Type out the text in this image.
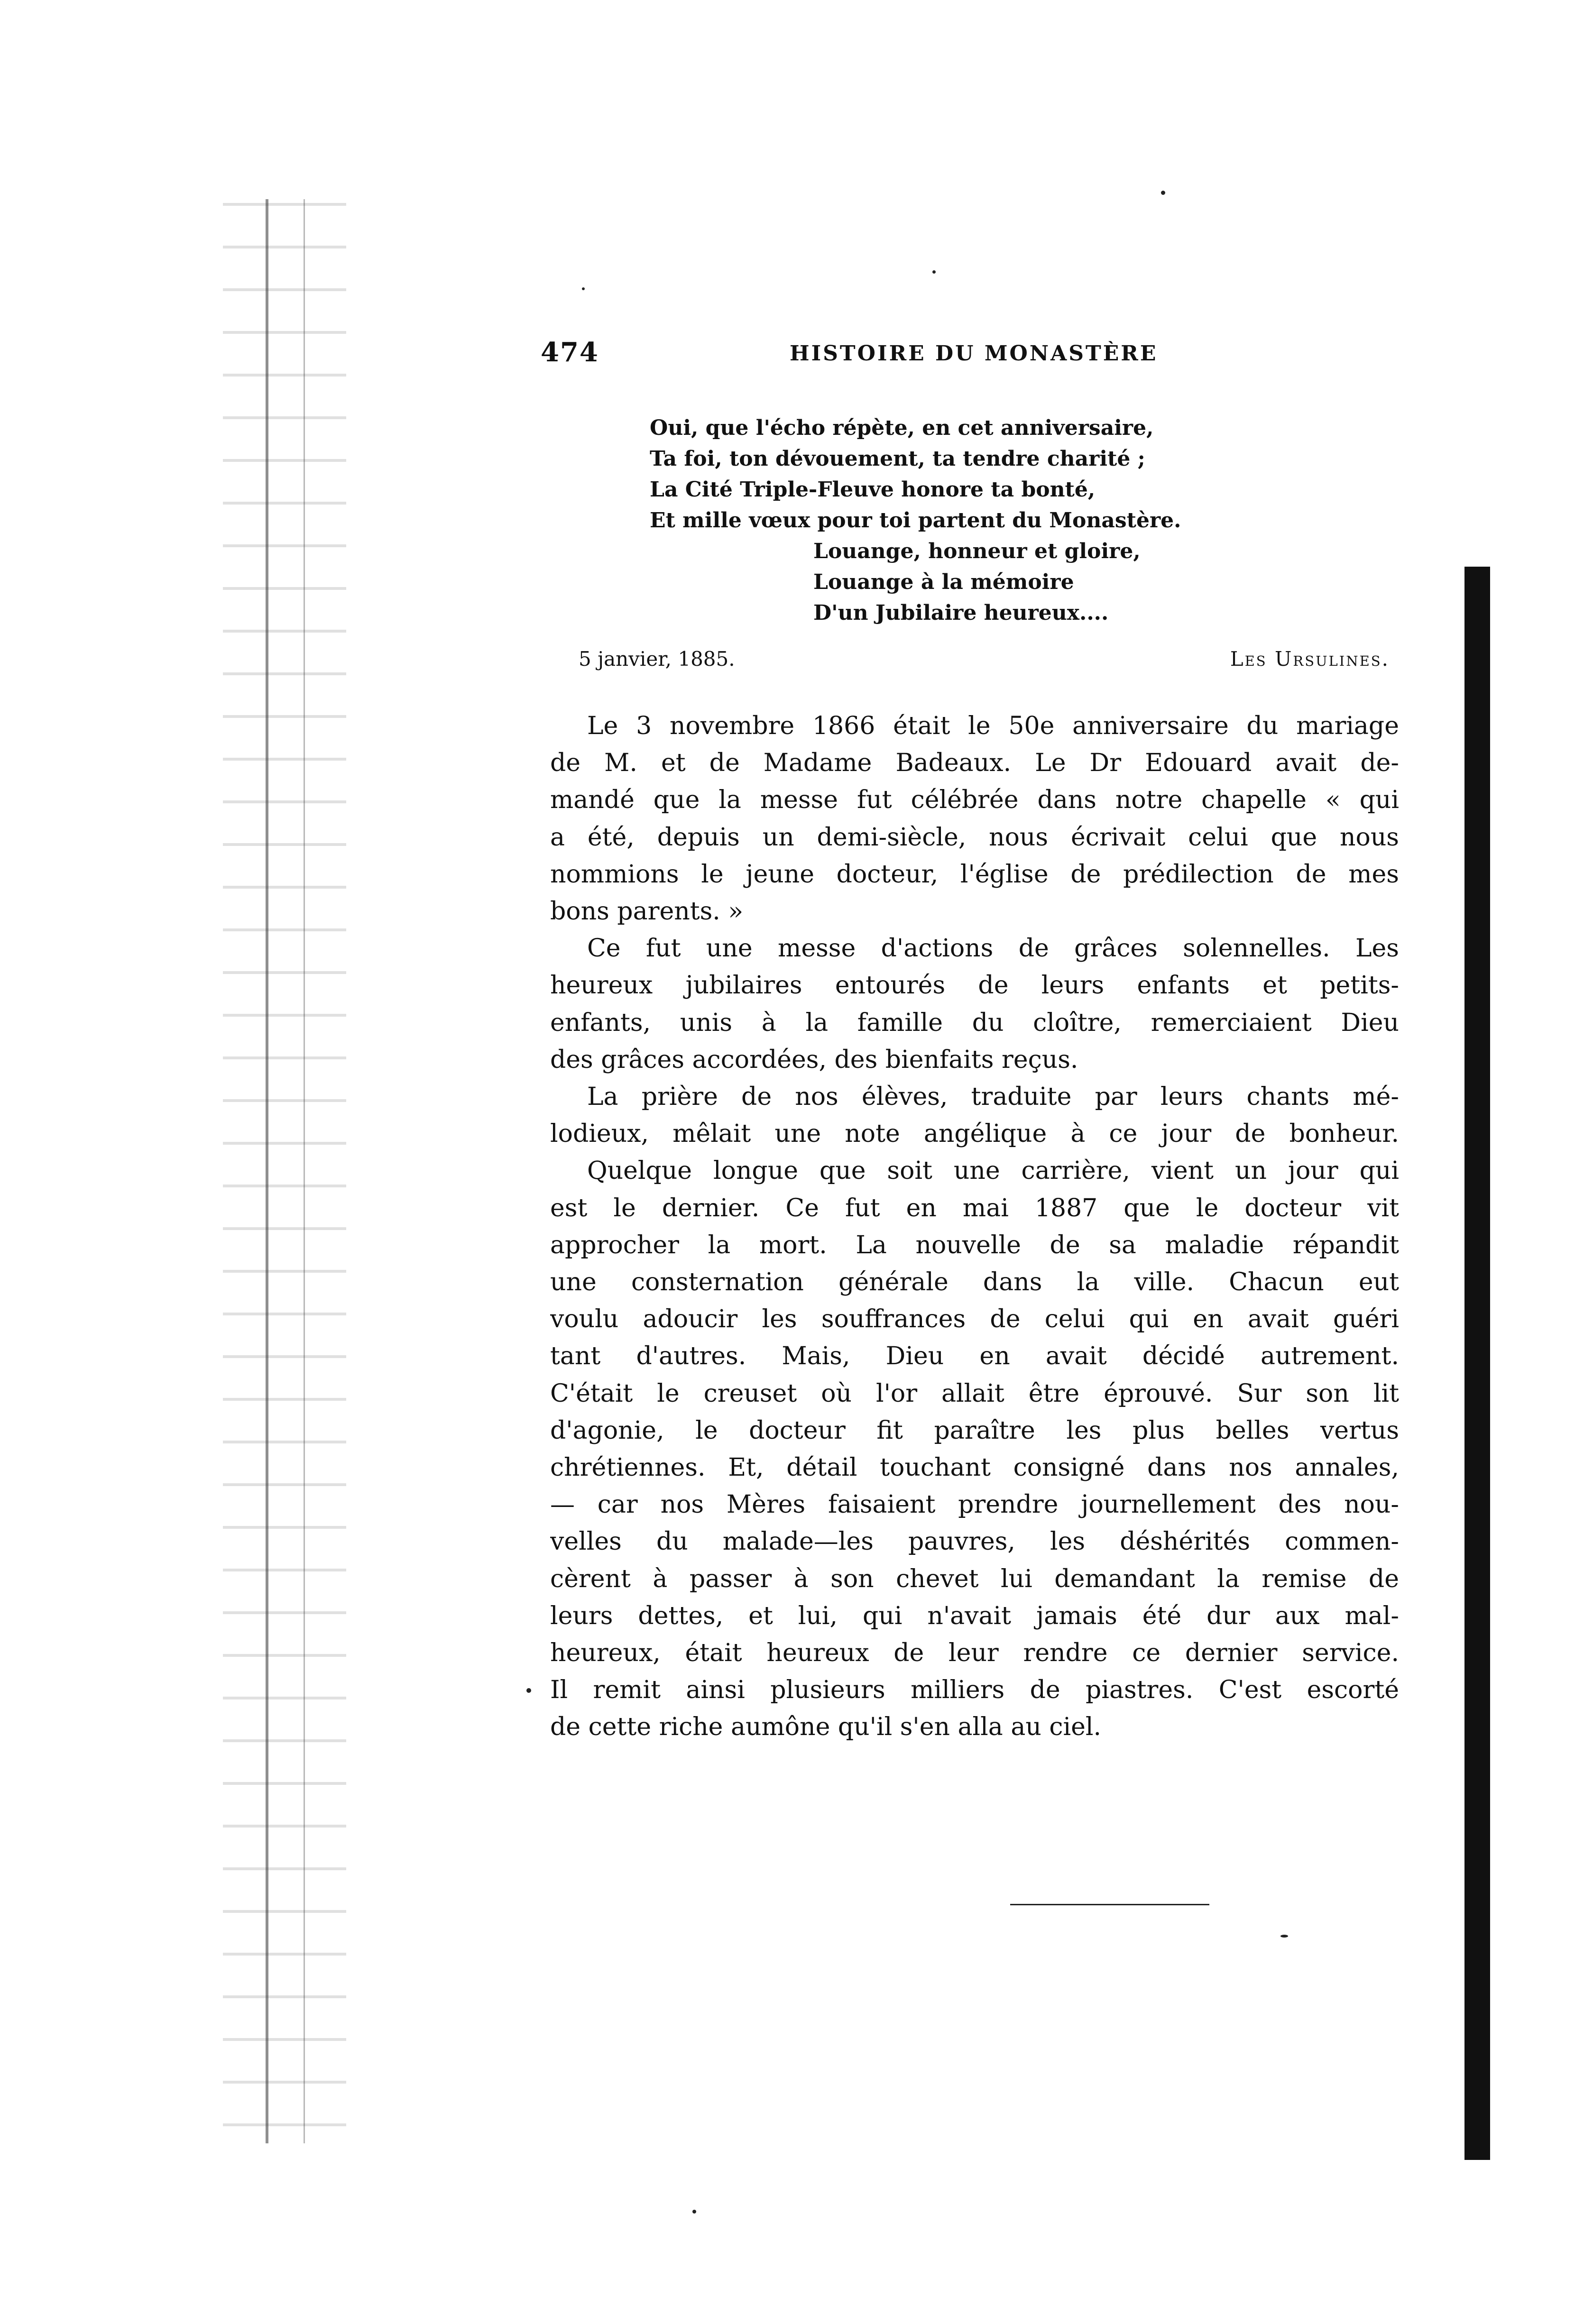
474	HISTOIRE DU MONASTÈRE
Oui, que l'écho répète, en cet anniversaire,
Ta foi, ton dévouement, ta tendre charité ;
La Cité Triple-Fleuve honore ta bonté,
Et mille vœux pour toi partent du Monastère.
Louange, honneur et gloire,
Louange à la mémoire
D'un Jubilaire heureux....
5 janvier, 1885.	Les Ursulines.
Le 3 novembre 1866 était le 50e anniversaire du mariage
de M. et de Madame Badeaux. Le Dr Edouard avait de-
mandé que la messe fut célébrée dans notre chapelle « qui
a été, depuis un demi-siècle, nous écrivait celui que nous
nommions le jeune docteur, l'église de prédilection de mes
bons parents. »
Ce fut une messe d'actions de grâces solennelles. Les
heureux jubilaires entourés de leurs enfants et petits-
enfants, unis à la famille du cloître, remerciaient Dieu
des grâces accordées, des bienfaits reçus.
La prière de nos élèves, traduite par leurs chants mé-
lodieux, mêlait une note angélique à ce jour de bonheur.
Quelque longue que soit une carrière, vient un jour qui
est le dernier. Ce fut en mai 1887 que le docteur vit
approcher la mort. La nouvelle de sa maladie répandit
une consternation générale dans la ville. Chacun eut
voulu adoucir les souffrances de celui qui en avait guéri
tant d'autres. Mais, Dieu en avait décidé autrement.
C'était le creuset où l'or allait être éprouvé. Sur son lit
d'agonie, le docteur fit paraître les plus belles vertus
chrétiennes. Et, détail touchant consigné dans nos annales,
— car nos Mères faisaient prendre journellement des nou-
velles du malade—les pauvres, les déshérités commen-
cèrent à passer à son chevet lui demandant la remise de
leurs dettes, et lui, qui n'avait jamais été dur aux mal-
heureux, était heureux de leur rendre ce dernier service.
Il remit ainsi plusieurs milliers de piastres. C'est escorté
de cette riche aumône qu'il s'en alla au ciel.
